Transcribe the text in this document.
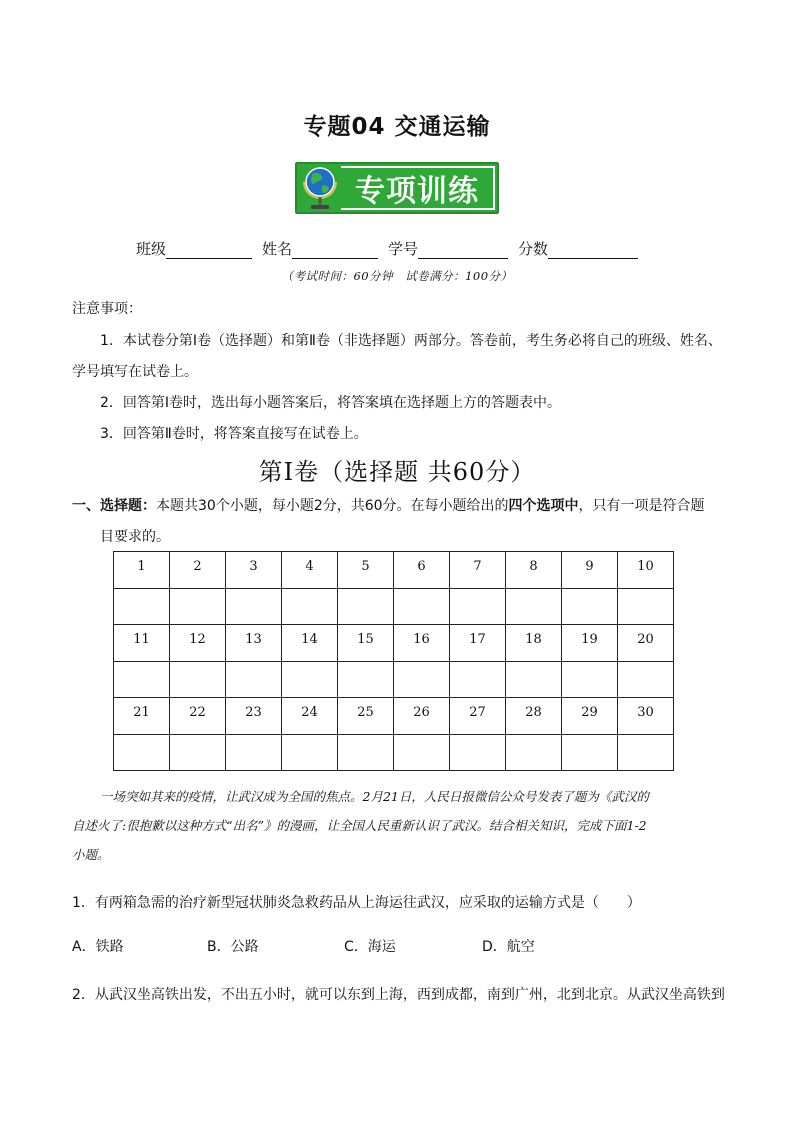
专题04 交通运输
专项训练
班级	姓名	学号	分数
（考试时间：60分钟　试卷满分：100分）
注意事项：
1．本试卷分第Ⅰ卷（选择题）和第Ⅱ卷（非选择题）两部分。答卷前，考生务必将自己的班级、姓名、
学号填写在试卷上。
2．回答第Ⅰ卷时，选出每小题答案后，将答案填在选择题上方的答题表中。
3．回答第Ⅱ卷时，将答案直接写在试卷上。
第Ⅰ卷（选择题 共60分）
一、选择题：本题共30个小题，每小题2分，共60分。在每小题给出的四个选项中，只有一项是符合题
目要求的。
1	2	3	4	5	6	7	8	9	10

11	12	13	14	15	16	17	18	19	20

21	22	23	24	25	26	27	28	29	30

一场突如其来的疫情，让武汉成为全国的焦点。2月21日，人民日报微信公众号发表了题为《武汉的
自述火了:很抱歉以这种方式“出名”》的漫画，让全国人民重新认识了武汉。结合相关知识，完成下面1-2
小题。
1．有两箱急需的治疗新型冠状肺炎急救药品从上海运往武汉，应采取的运输方式是（　　）
A．铁路	B．公路	C．海运	D．航空
2．从武汉坐高铁出发，不出五小时，就可以东到上海，西到成都，南到广州，北到北京。从武汉坐高铁到
